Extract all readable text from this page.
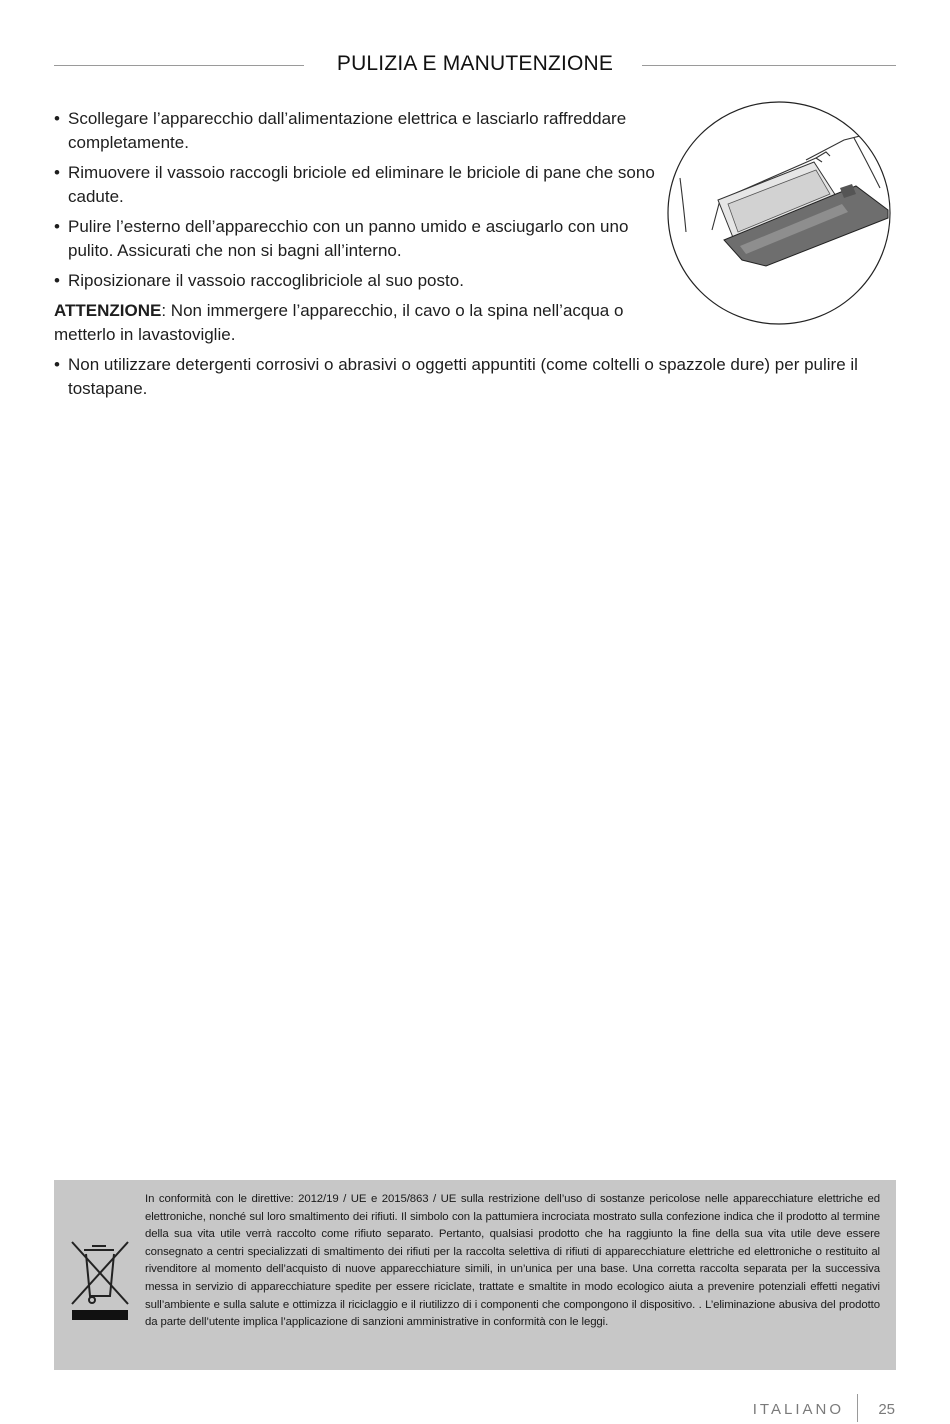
PULIZIA E MANUTENZIONE
• Scollegare l’apparecchio dall’alimentazione elettrica e lasciarlo raffreddare completamente.
• Rimuovere il vassoio raccogli briciole ed eliminare le briciole di pane che sono cadute.
• Pulire l’esterno dell’apparecchio con un panno umido e asciugarlo con uno pulito. Assicurati che non si bagni all’interno.
• Riposizionare il vassoio raccoglibriciole al suo posto.
ATTENZIONE: Non immergere l’apparecchio, il cavo o la spina nell’acqua o metterlo in lavastoviglie.
• Non utilizzare detergenti corrosivi o abrasivi o oggetti appuntiti (come coltelli o spazzole dure) per pulire il tostapane.
In conformità con le direttive: 2012/19 / UE e 2015/863 / UE sulla restrizione dell’uso di sostanze pericolose nelle apparecchiature elettriche ed elettroniche, nonché sul loro smaltimento dei rifiuti. Il simbolo con la pattumiera incrociata mostrato sulla confezione indica che il prodotto al termine della sua vita utile verrà raccolto come rifiuto separato. Pertanto, qualsiasi prodotto che ha raggiunto la fine della sua vita utile deve essere consegnato a centri specializzati di smaltimento dei rifiuti per la raccolta selettiva di rifiuti di apparecchiature elettriche ed elettroniche o restituito al rivenditore al momento dell’acquisto di nuove apparecchiature simili, in un’unica per una base. Una corretta raccolta separata per la successiva messa in servizio di apparecchiature spedite per essere riciclate, trattate e smaltite in modo ecologico aiuta a prevenire potenziali effetti negativi sull’ambiente e sulla salute e ottimizza il riciclaggio e il riutilizzo di i componenti che compongono il dispositivo. . L’eliminazione abusiva del prodotto da parte dell’utente implica l’applicazione di sanzioni amministrative in conformità con le leggi.
ITALIANO 25
